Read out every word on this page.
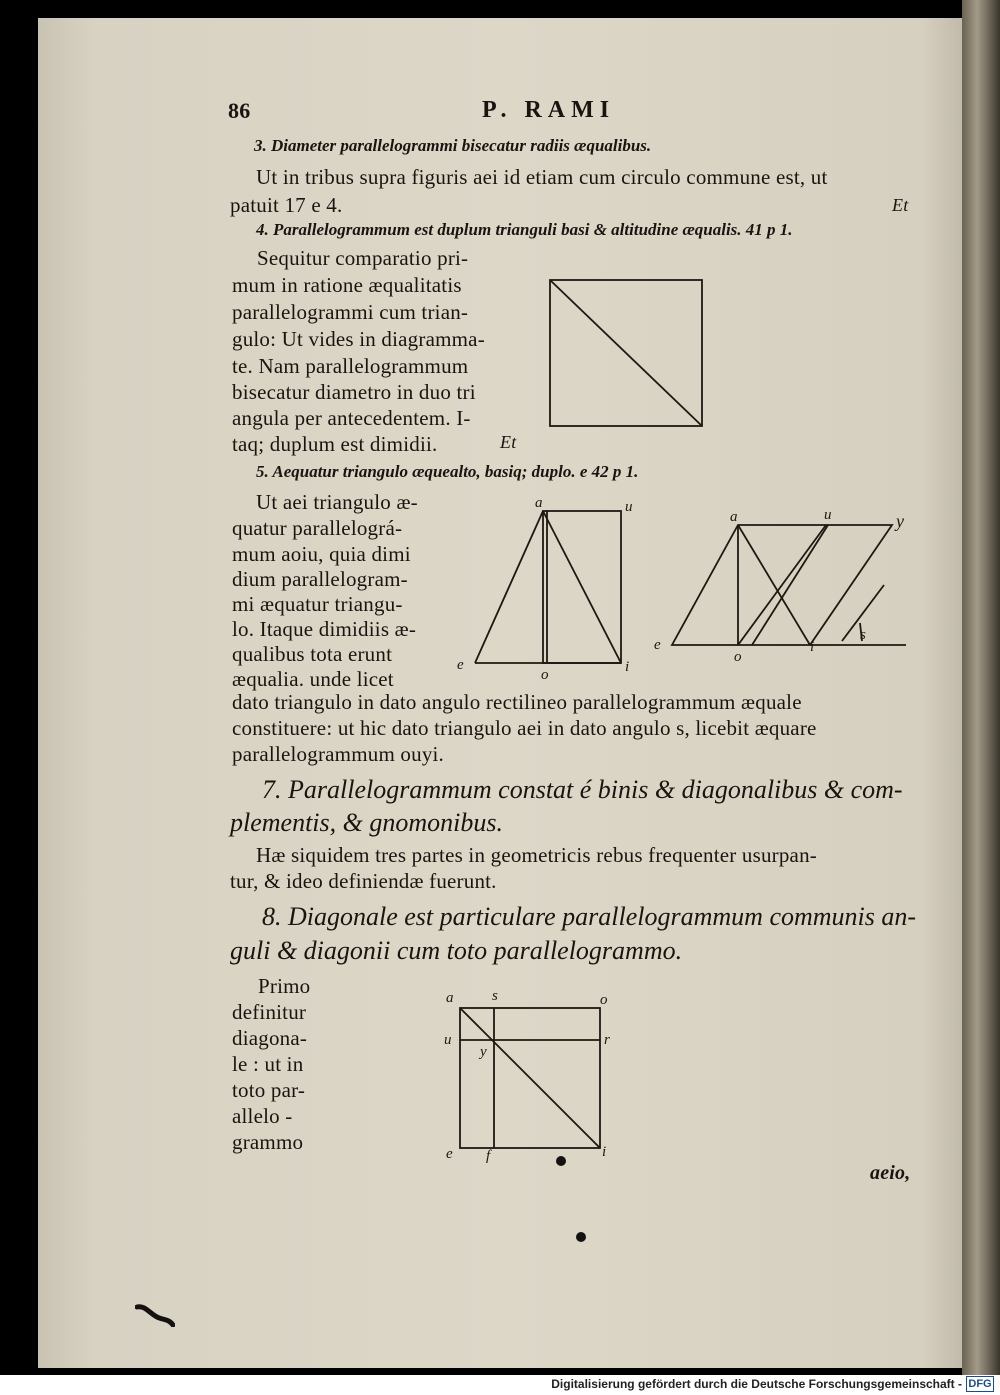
86	P. RAMI
3. Diameter parallelogrammi bisecatur radiis æqualibus.
Ut in tribus supra figuris aei id etiam cum circulo commune est, ut
patuit 17 e 4.	Et
4. Parallelogrammum est duplum trianguli basi & altitudine æqualis. 41 p 1.
Sequitur comparatio pri-
mum in ratione æqualitatis
parallelogrammi cum trian-
gulo: Ut vides in diagramma-
te. Nam parallelogrammum
bisecatur diametro in duo tri
angula per antecedentem. I-
taq; duplum est dimidii.	Et
5. Aequatur triangulo æquealto, basiq; duplo. e 42 p 1.
Ut aei triangulo æ-
quatur parallelográ-
mum aoiu, quia dimi
dium parallelogram-
mi æquatur triangu-
lo. Itaque dimidiis æ-
qualibus tota erunt
æqualia. unde licet
a	u
e
o	i
a	u	y
e
o
i
s
dato triangulo in dato angulo rectilineo parallelogrammum æquale
constituere: ut hic dato triangulo aei in dato angulo s, licebit æquare
parallelogrammum ouyi.
7. Parallelogrammum constat é binis & diagonalibus & com-
plementis, & gnomonibus.
Hæ siquidem tres partes in geometricis rebus frequenter usurpan-
tur, & ideo definiendæ fuerunt.
8. Diagonale est particulare parallelogrammum communis an-
guli & diagonii cum toto parallelogrammo.
Primo
definitur
diagona-
le : ut in
toto par-
allelo -
grammo
a	s	o
u	r
y
e f	i
aeio,
Digitalisierung gefördert durch die Deutsche Forschungsgemeinschaft - DFG
